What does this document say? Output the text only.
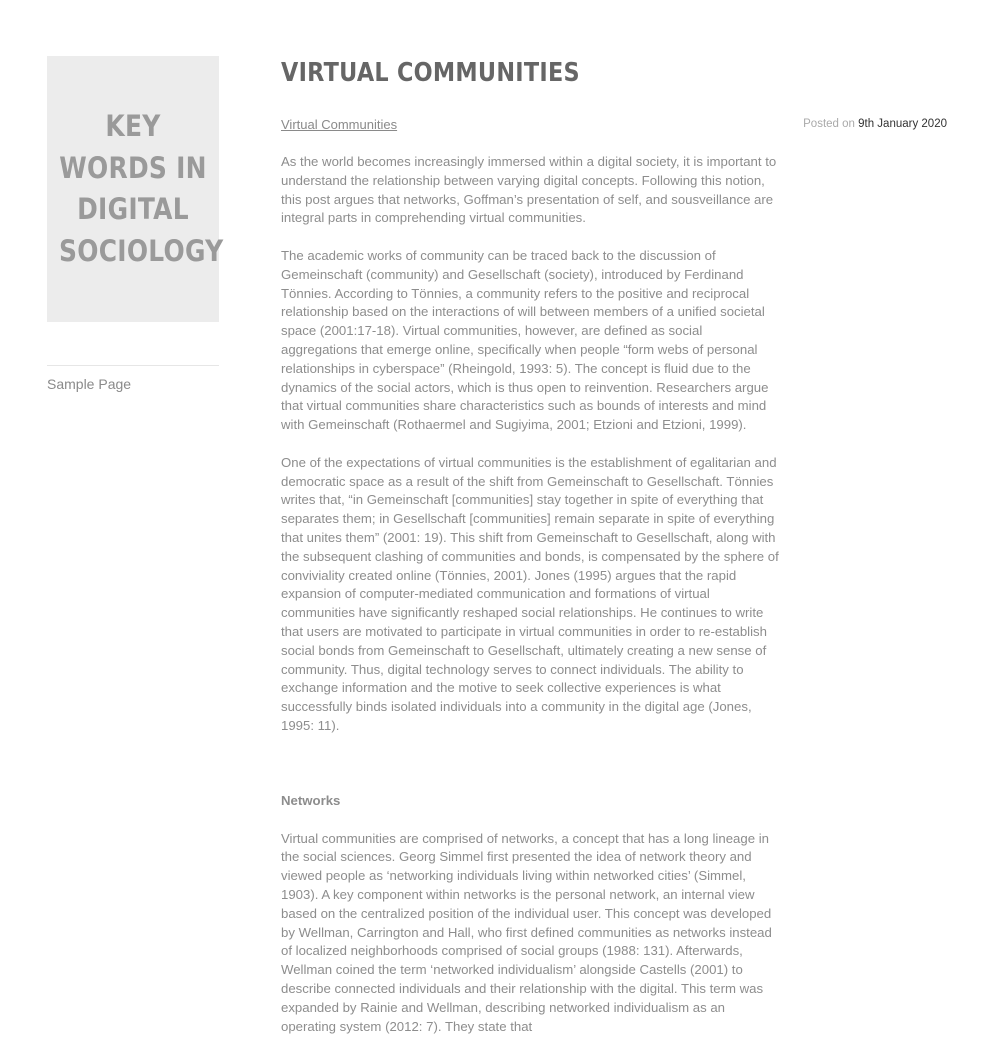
KEY
WORDS IN
DIGITAL
SOCIOLOGY
Sample Page
Posted on 9th January 2020
VIRTUAL COMMUNITIES
Virtual Communities

As the world becomes increasingly immersed within a digital society, it is important to understand the relationship between varying digital concepts. Following this notion, this post argues that networks, Goffman’s presentation of self, and sousveillance are integral parts in comprehending virtual communities.

The academic works of community can be traced back to the discussion of Gemeinschaft (community) and Gesellschaft (society), introduced by Ferdinand Tönnies. According to Tönnies, a community refers to the positive and reciprocal relationship based on the interactions of will between members of a unified societal space (2001:17-18). Virtual communities, however, are defined as social aggregations that emerge online, specifically when people “form webs of personal relationships in cyberspace” (Rheingold, 1993: 5). The concept is fluid due to the dynamics of the social actors, which is thus open to reinvention. Researchers argue that virtual communities share characteristics such as bounds of interests and mind with Gemeinschaft (Rothaermel and Sugiyima, 2001; Etzioni and Etzioni, 1999).

One of the expectations of virtual communities is the establishment of egalitarian and democratic space as a result of the shift from Gemeinschaft to Gesellschaft. Tönnies writes that, “in Gemeinschaft [communities] stay together in spite of everything that separates them; in Gesellschaft [communities] remain separate in spite of everything that unites them” (2001: 19). This shift from Gemeinschaft to Gesellschaft, along with the subsequent clashing of communities and bonds, is compensated by the sphere of conviviality created online (Tönnies, 2001). Jones (1995) argues that the rapid expansion of computer-mediated communication and formations of virtual communities have significantly reshaped social relationships. He continues to write that users are motivated to participate in virtual communities in order to re-establish social bonds from Gemeinschaft to Gesellschaft, ultimately creating a new sense of community. Thus, digital technology serves to connect individuals. The ability to exchange information and the motive to seek collective experiences is what successfully binds isolated individuals into a community in the digital age (Jones, 1995: 11).

Networks

Virtual communities are comprised of networks, a concept that has a long lineage in the social sciences. Georg Simmel first presented the idea of network theory and viewed people as ‘networking individuals living within networked cities’ (Simmel, 1903). A key component within networks is the personal network, an internal view based on the centralized position of the individual user. This concept was developed by Wellman, Carrington and Hall, who first defined communities as networks instead of localized neighborhoods comprised of social groups (1988: 131). Afterwards, Wellman coined the term ‘networked individualism’ alongside Castells (2001) to describe connected individuals and their relationship with the digital. This term was expanded by Rainie and Wellman, describing networked individualism as an operating system (2012: 7). They state that
